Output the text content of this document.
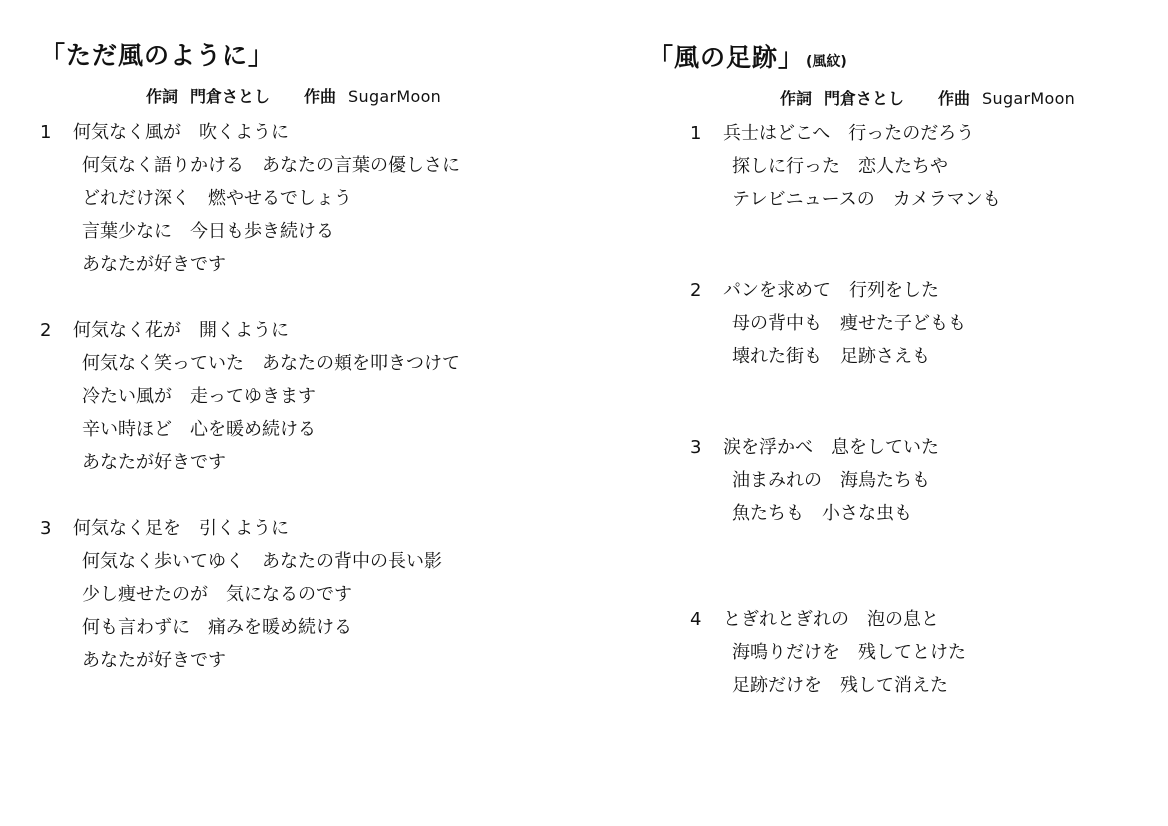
「ただ風のように」
作詞 門倉さとし 作曲 SugarMoon
1 何気なく風が　吹くように
何気なく語りかける　あなたの言葉の優しさに
どれだけ深く　燃やせるでしょう
言葉少なに　今日も歩き続ける
あなたが好きです
2 何気なく花が　開くように
何気なく笑っていた　あなたの頬を叩きつけて
冷たい風が　走ってゆきます
辛い時ほど　心を暖め続ける
あなたが好きです
3 何気なく足を　引くように
何気なく歩いてゆく　あなたの背中の長い影
少し痩せたのが　気になるのです
何も言わずに　痛みを暖め続ける
あなたが好きです
「風の足跡」 (風紋)
作詞 門倉さとし 作曲 SugarMoon
1 兵士はどこへ　行ったのだろう
探しに行った　恋人たちや
テレビニュースの　カメラマンも
2 パンを求めて　行列をした
母の背中も　痩せた子どもも
壊れた街も　足跡さえも
3 涙を浮かべ　息をしていた
油まみれの　海鳥たちも
魚たちも　小さな虫も
4 とぎれとぎれの　泡の息と
海鳴りだけを　残してとけた
足跡だけを　残して消えた
